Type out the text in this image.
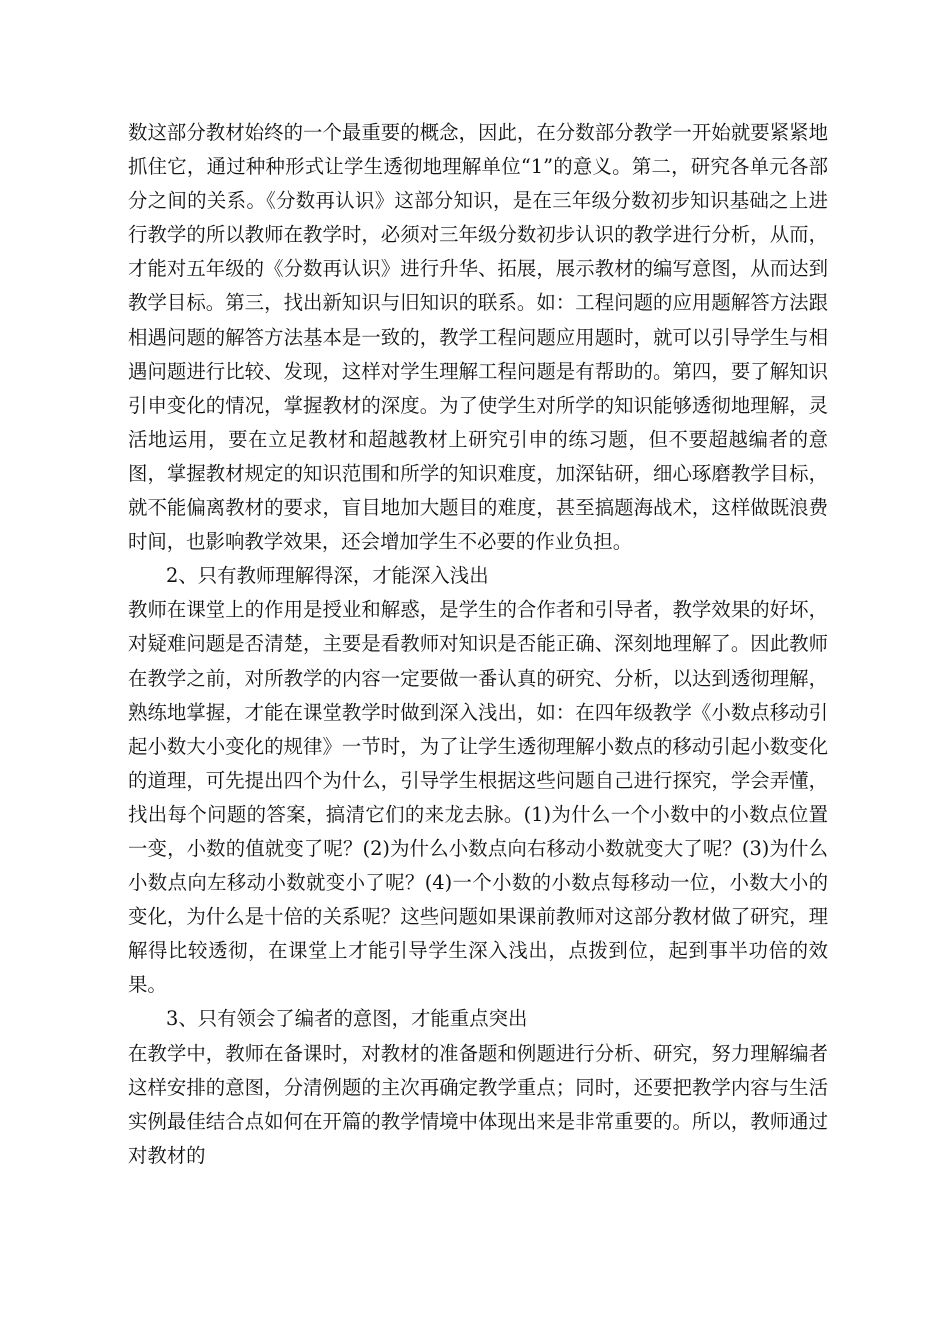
数这部分教材始终的一个最重要的概念，因此，在分数部分教学一开始就要紧紧地抓住它，通过种种形式让学生透彻地理解单位“1”的意义。第二，研究各单元各部分之间的关系。《分数再认识》这部分知识，是在三年级分数初步知识基础之上进行教学的所以教师在教学时，必须对三年级分数初步认识的教学进行分析，从而，才能对五年级的《分数再认识》进行升华、拓展，展示教材的编写意图，从而达到教学目标。第三，找出新知识与旧知识的联系。如：工程问题的应用题解答方法跟相遇问题的解答方法基本是一致的，教学工程问题应用题时，就可以引导学生与相遇问题进行比较、发现，这样对学生理解工程问题是有帮助的。第四，要了解知识引申变化的情况，掌握教材的深度。为了使学生对所学的知识能够透彻地理解，灵活地运用，要在立足教材和超越教材上研究引申的练习题，但不要超越编者的意图，掌握教材规定的知识范围和所学的知识难度，加深钻研，细心琢磨教学目标，就不能偏离教材的要求，盲目地加大题目的难度，甚至搞题海战术，这样做既浪费时间，也影响教学效果，还会增加学生不必要的作业负担。

2、只有教师理解得深，才能深入浅出

教师在课堂上的作用是授业和解惑，是学生的合作者和引导者，教学效果的好坏，对疑难问题是否清楚，主要是看教师对知识是否能正确、深刻地理解了。因此教师在教学之前，对所教学的内容一定要做一番认真的研究、分析，以达到透彻理解，熟练地掌握，才能在课堂教学时做到深入浅出，如：在四年级教学《小数点移动引起小数大小变化的规律》一节时，为了让学生透彻理解小数点的移动引起小数变化的道理，可先提出四个为什么，引导学生根据这些问题自己进行探究，学会弄懂，找出每个问题的答案，搞清它们的来龙去脉。(1)为什么一个小数中的小数点位置一变，小数的值就变了呢？(2)为什么小数点向右移动小数就变大了呢？(3)为什么小数点向左移动小数就变小了呢？(4)一个小数的小数点每移动一位，小数大小的变化，为什么是十倍的关系呢？这些问题如果课前教师对这部分教材做了研究，理解得比较透彻，在课堂上才能引导学生深入浅出，点拨到位，起到事半功倍的效果。

3、只有领会了编者的意图，才能重点突出

在教学中，教师在备课时，对教材的准备题和例题进行分析、研究，努力理解编者这样安排的意图，分清例题的主次再确定教学重点；同时，还要把教学内容与生活实例最佳结合点如何在开篇的教学情境中体现出来是非常重要的。所以，教师通过对教材的
